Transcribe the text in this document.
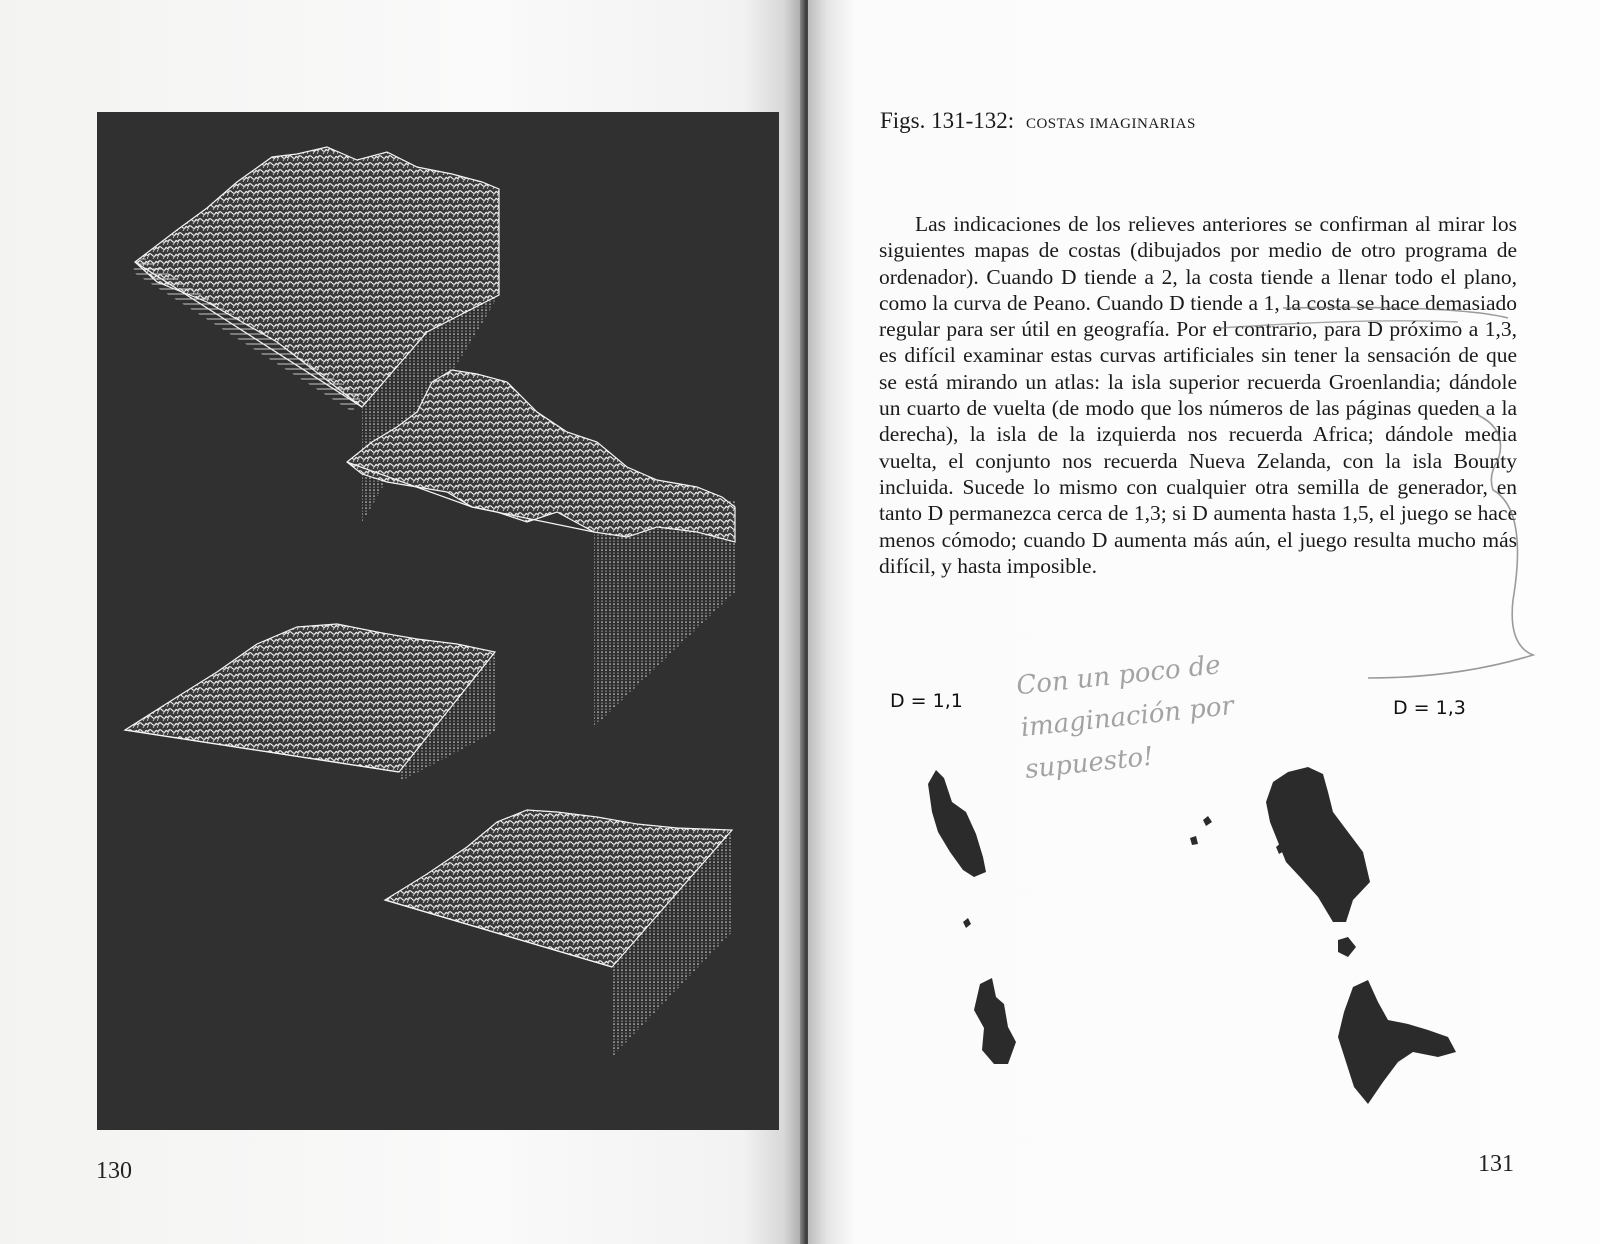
130
Figs. 131-132: COSTAS IMAGINARIAS
Las indicaciones de los relieves anteriores se confirman al mirar los siguientes mapas de costas (dibujados por medio de otro programa de ordenador). Cuando D tiende a 2, la costa tiende a llenar todo el plano, como la curva de Peano. Cuando D tiende a 1, la costa se hace demasiado regular para ser útil en geografía. Por el contrario, para D próximo a 1,3, es difícil examinar estas curvas artificiales sin tener la sensación de que se está mirando un atlas: la isla superior recuerda Groenlandia; dándole un cuarto de vuelta (de modo que los números de las páginas queden a la derecha), la isla de la izquierda nos recuerda Africa; dándole media vuelta, el conjunto nos recuerda Nueva Zelanda, con la isla Bounty incluida. Sucede lo mismo con cualquier otra semilla de generador, en tanto D permanezca cerca de 1,3; si D aumenta hasta 1,5, el juego se hace menos cómodo; cuando D aumenta más aún, el juego resulta mucho más difícil, y hasta imposible.
Con un poco de imaginación por supuesto!
D = 1,1	D = 1,3
131
